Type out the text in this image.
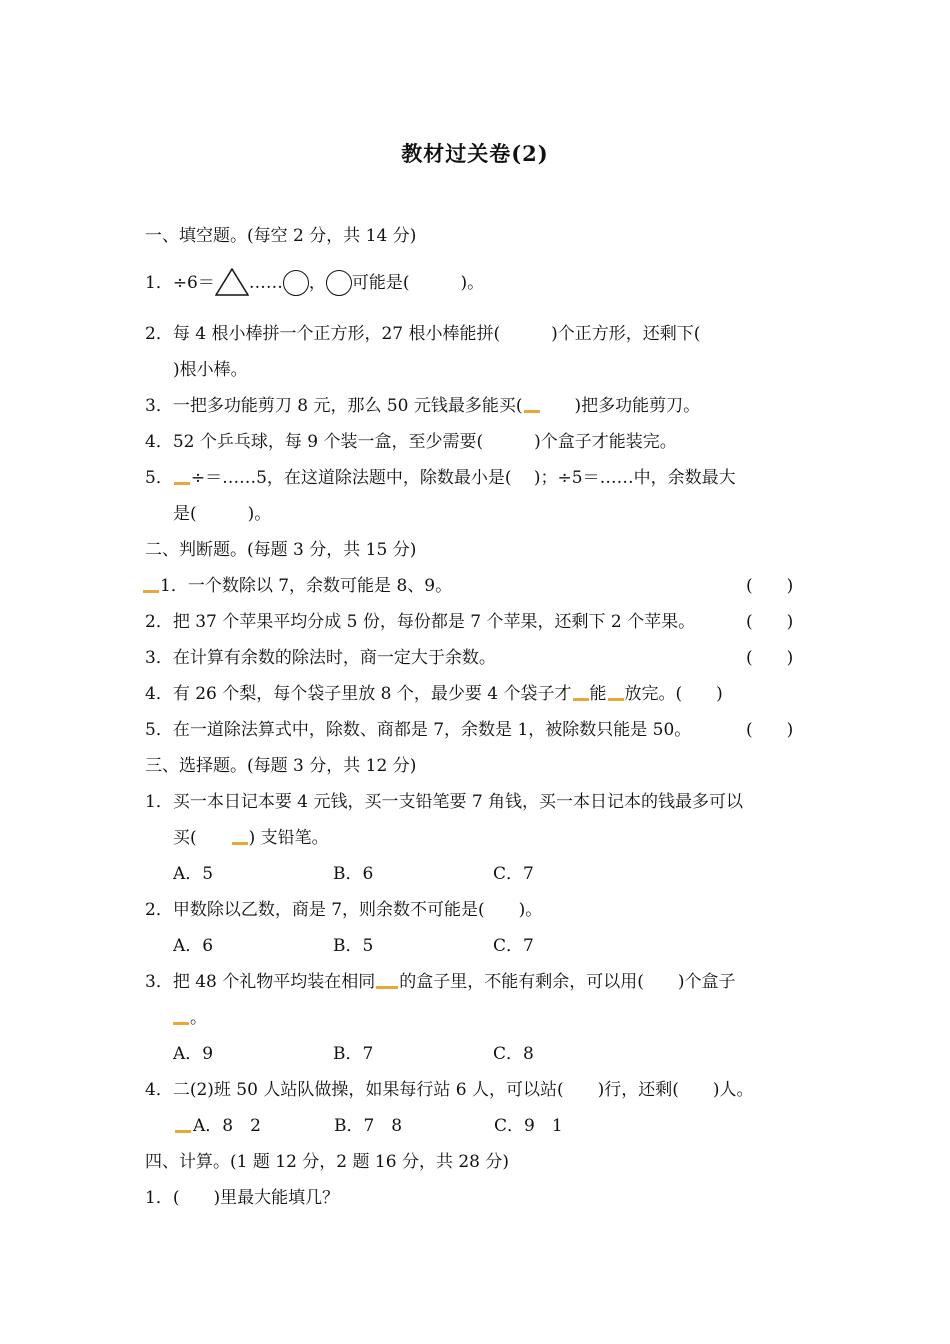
教材过关卷(2)
一、填空题。(每空 2 分，共 14 分)
1．÷6＝ …… ， 可能是(　　　)。
2．每 4 根小棒拼一个正方形，27 根小棒能拼(　　　)个正方形，还剩下(
)根小棒。
3．一把多功能剪刀 8 元，那么 50 元钱最多能买(　　)把多功能剪刀。
4．52 个乒乓球，每 9 个装一盒，至少需要(　　　)个盒子才能装完。
5． ÷＝……5，在这道除法题中，除数最小是(　 )；÷5＝……中，余数最大
是(　　　)。
二、判断题。(每题 3 分，共 15 分)
1．一个数除以 7，余数可能是 8、9。	(　　)
2．把 37 个苹果平均分成 5 份，每份都是 7 个苹果，还剩下 2 个苹果。	(　　)
3．在计算有余数的除法时，商一定大于余数。	(　　)
4．有 26 个梨，每个袋子里放 8 个，最少要 4 个袋子才 能 放完。(　　)
5．在一道除法算式中，除数、商都是 7，余数是 1，被除数只能是 50。	(　　)
三、选择题。(每题 3 分，共 12 分)
1．买一本日记本要 4 元钱，买一支铅笔要 7 角钱，买一本日记本的钱最多可以
买(　　) 支铅笔。
A．5	B．6	C．7
2．甲数除以乙数，商是 7，则余数不可能是(　　)。
A．6	B．5	C．7
3．把 48 个礼物平均装在相同 的盒子里，不能有剩余，可以用(　　)个盒子
。
A．9	B．7	C．8
4．二(2)班 50 人站队做操，如果每行站 6 人，可以站(　　)行，还剩(　　)人。
A．8　2	B．7　8	C．9　1
四、计算。(1 题 12 分，2 题 16 分，共 28 分)
1．(　　)里最大能填几？
